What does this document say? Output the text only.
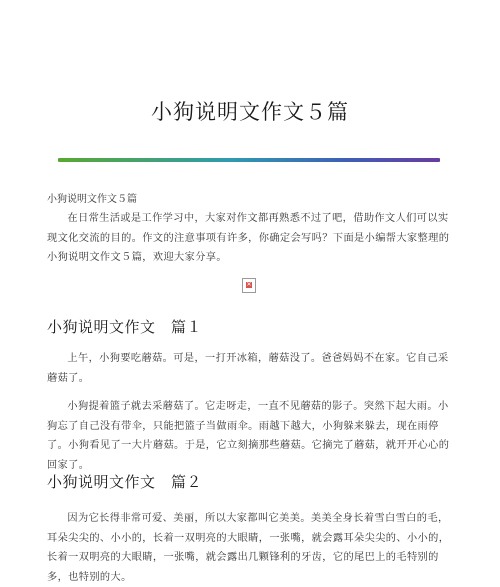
小狗说明文作文５篇
小狗说明文作文５篇

在日常生活或是工作学习中，大家对作文都再熟悉不过了吧，借助作文人们可以实现文化交流的目的。作文的注意事项有许多，你确定会写吗？下面是小编帮大家整理的小狗说明文作文５篇，欢迎大家分享。

✕
小狗说明文作文　篇１

上午，小狗要吃蘑菇。可是，一打开冰箱，蘑菇没了。爸爸妈妈不在家。它自己采蘑菇了。

小狗提着篮子就去采蘑菇了。它走呀走，一直不见蘑菇的影子。突然下起大雨。小狗忘了自己没有带伞，只能把篮子当做雨伞。雨越下越大，小狗躲来躲去，现在雨停了。小狗看见了一大片蘑菇。于是，它立刻摘那些蘑菇。它摘完了蘑菇，就开开心心的回家了。

小狗说明文作文　篇２

因为它长得非常可爱、美丽，所以大家都叫它美美。美美全身长着雪白雪白的毛，耳朵尖尖的、小小的，长着一双明亮的大眼睛，一张嘴，就会露耳朵尖尖的、小小的，长着一双明亮的大眼睛，一张嘴，就会露出几颗锋利的牙齿，它的尾巴上的毛特别的多，也特别的大。
